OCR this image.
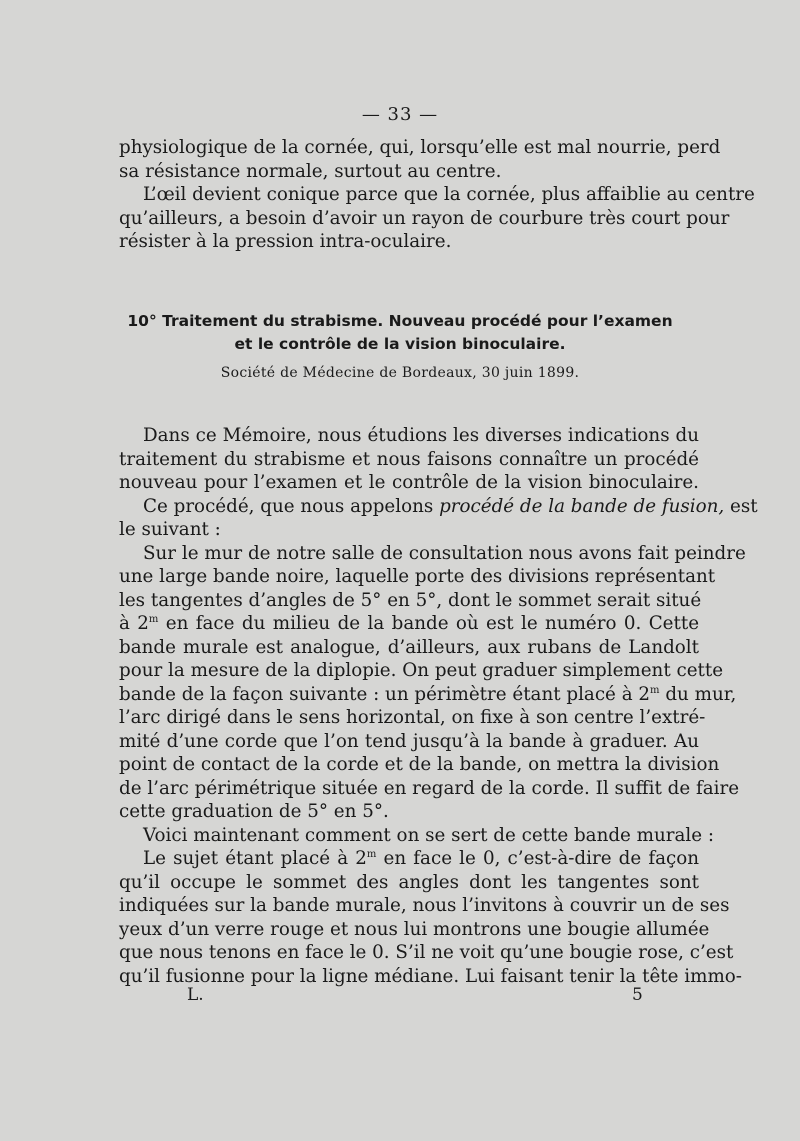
— 33 —
physiologique de la cornée, qui, lorsqu’elle est mal nourrie, perd
sa résistance normale, surtout au centre.
L’œil devient conique parce que la cornée, plus affaiblie au centre
qu’ailleurs, a besoin d’avoir un rayon de courbure très court pour
résister à la pression intra-oculaire.
10° Traitement du strabisme. Nouveau procédé pour l’examen
et le contrôle de la vision binoculaire.
Société de Médecine de Bordeaux, 30 juin 1899.
Dans ce Mémoire, nous étudions les diverses indications du
traitement du strabisme et nous faisons connaître un procédé
nouveau pour l’examen et le contrôle de la vision binoculaire.
Ce procédé, que nous appelons procédé de la bande de fusion, est
le suivant :
Sur le mur de notre salle de consultation nous avons fait peindre
une large bande noire, laquelle porte des divisions représentant
les tangentes d’angles de 5° en 5°, dont le sommet serait situé
à 2$^m$ en face du milieu de la bande où est le numéro 0. Cette
bande murale est analogue, d’ailleurs, aux rubans de Landolt
pour la mesure de la diplopie. On peut graduer simplement cette
bande de la façon suivante : un périmètre étant placé à 2$^m$ du mur,
l’arc dirigé dans le sens horizontal, on fixe à son centre l’extré-
mité d’une corde que l’on tend jusqu’à la bande à graduer. Au
point de contact de la corde et de la bande, on mettra la division
de l’arc périmétrique située en regard de la corde. Il suffit de faire
cette graduation de 5° en 5°.
Voici maintenant comment on se sert de cette bande murale :
Le sujet étant placé à 2$^m$ en face le 0, c’est-à-dire de façon
qu’il occupe le sommet des angles dont les tangentes sont
indiquées sur la bande murale, nous l’invitons à couvrir un de ses
yeux d’un verre rouge et nous lui montrons une bougie allumée
que nous tenons en face le 0. S’il ne voit qu’une bougie rose, c’est
qu’il fusionne pour la ligne médiane. Lui faisant tenir la tête immo-
L.	5
